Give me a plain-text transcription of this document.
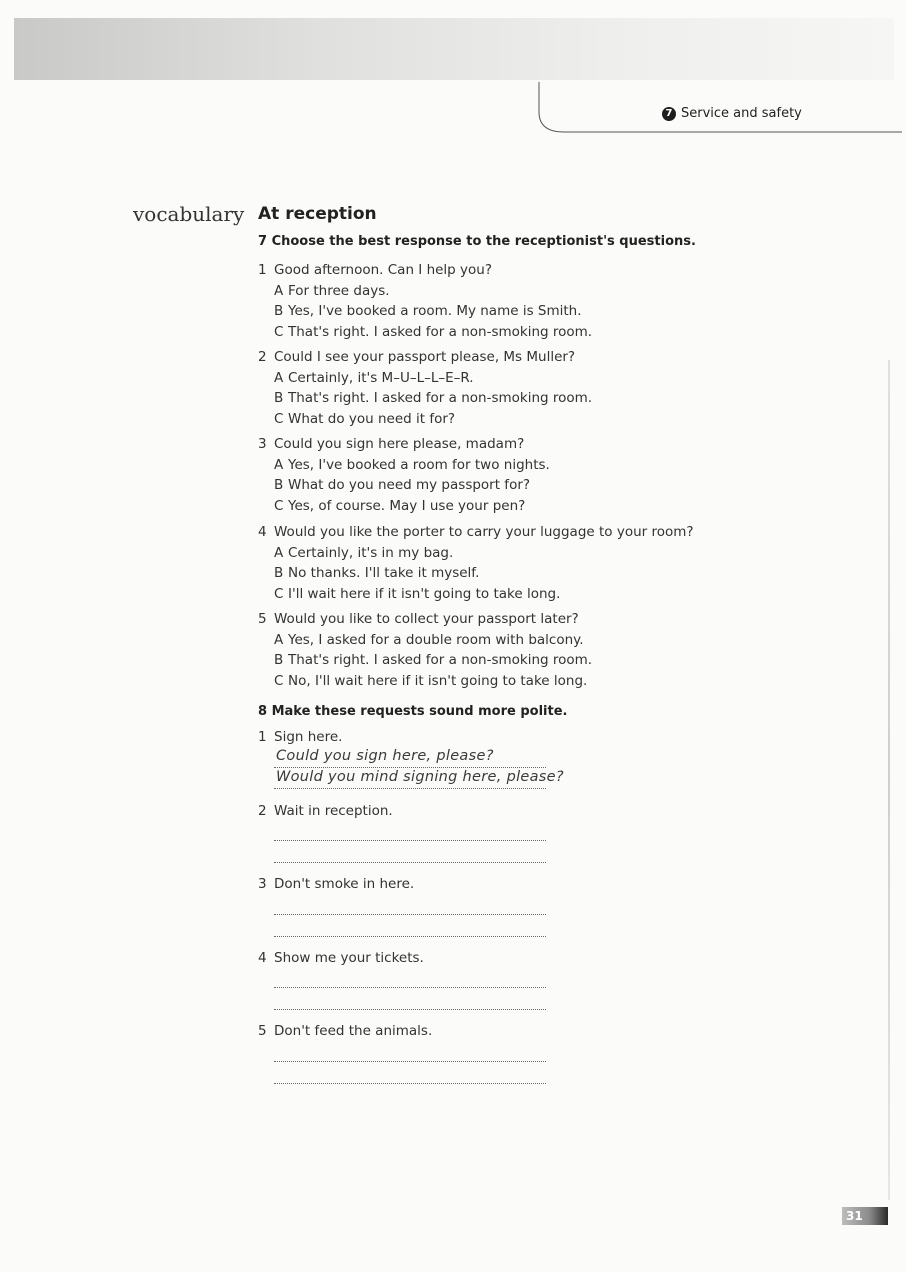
7 Service and safety
vocabulary At reception
7 Choose the best response to the receptionist's questions.
1 Good afternoon. Can I help you?
A For three days.
B Yes, I've booked a room. My name is Smith.
C That's right. I asked for a non-smoking room.
2 Could I see your passport please, Ms Muller?
A Certainly, it's M–U–L–L–E–R.
B That's right. I asked for a non-smoking room.
C What do you need it for?
3 Could you sign here please, madam?
A Yes, I've booked a room for two nights.
B What do you need my passport for?
C Yes, of course. May I use your pen?
4 Would you like the porter to carry your luggage to your room?
A Certainly, it's in my bag.
B No thanks. I'll take it myself.
C I'll wait here if it isn't going to take long.
5 Would you like to collect your passport later?
A Yes, I asked for a double room with balcony.
B That's right. I asked for a non-smoking room.
C No, I'll wait here if it isn't going to take long.
8 Make these requests sound more polite.
1 Sign here.
Could you sign here, please?
Would you mind signing here, please?
2 Wait in reception.
3 Don't smoke in here.
4 Show me your tickets.
5 Don't feed the animals.
31
